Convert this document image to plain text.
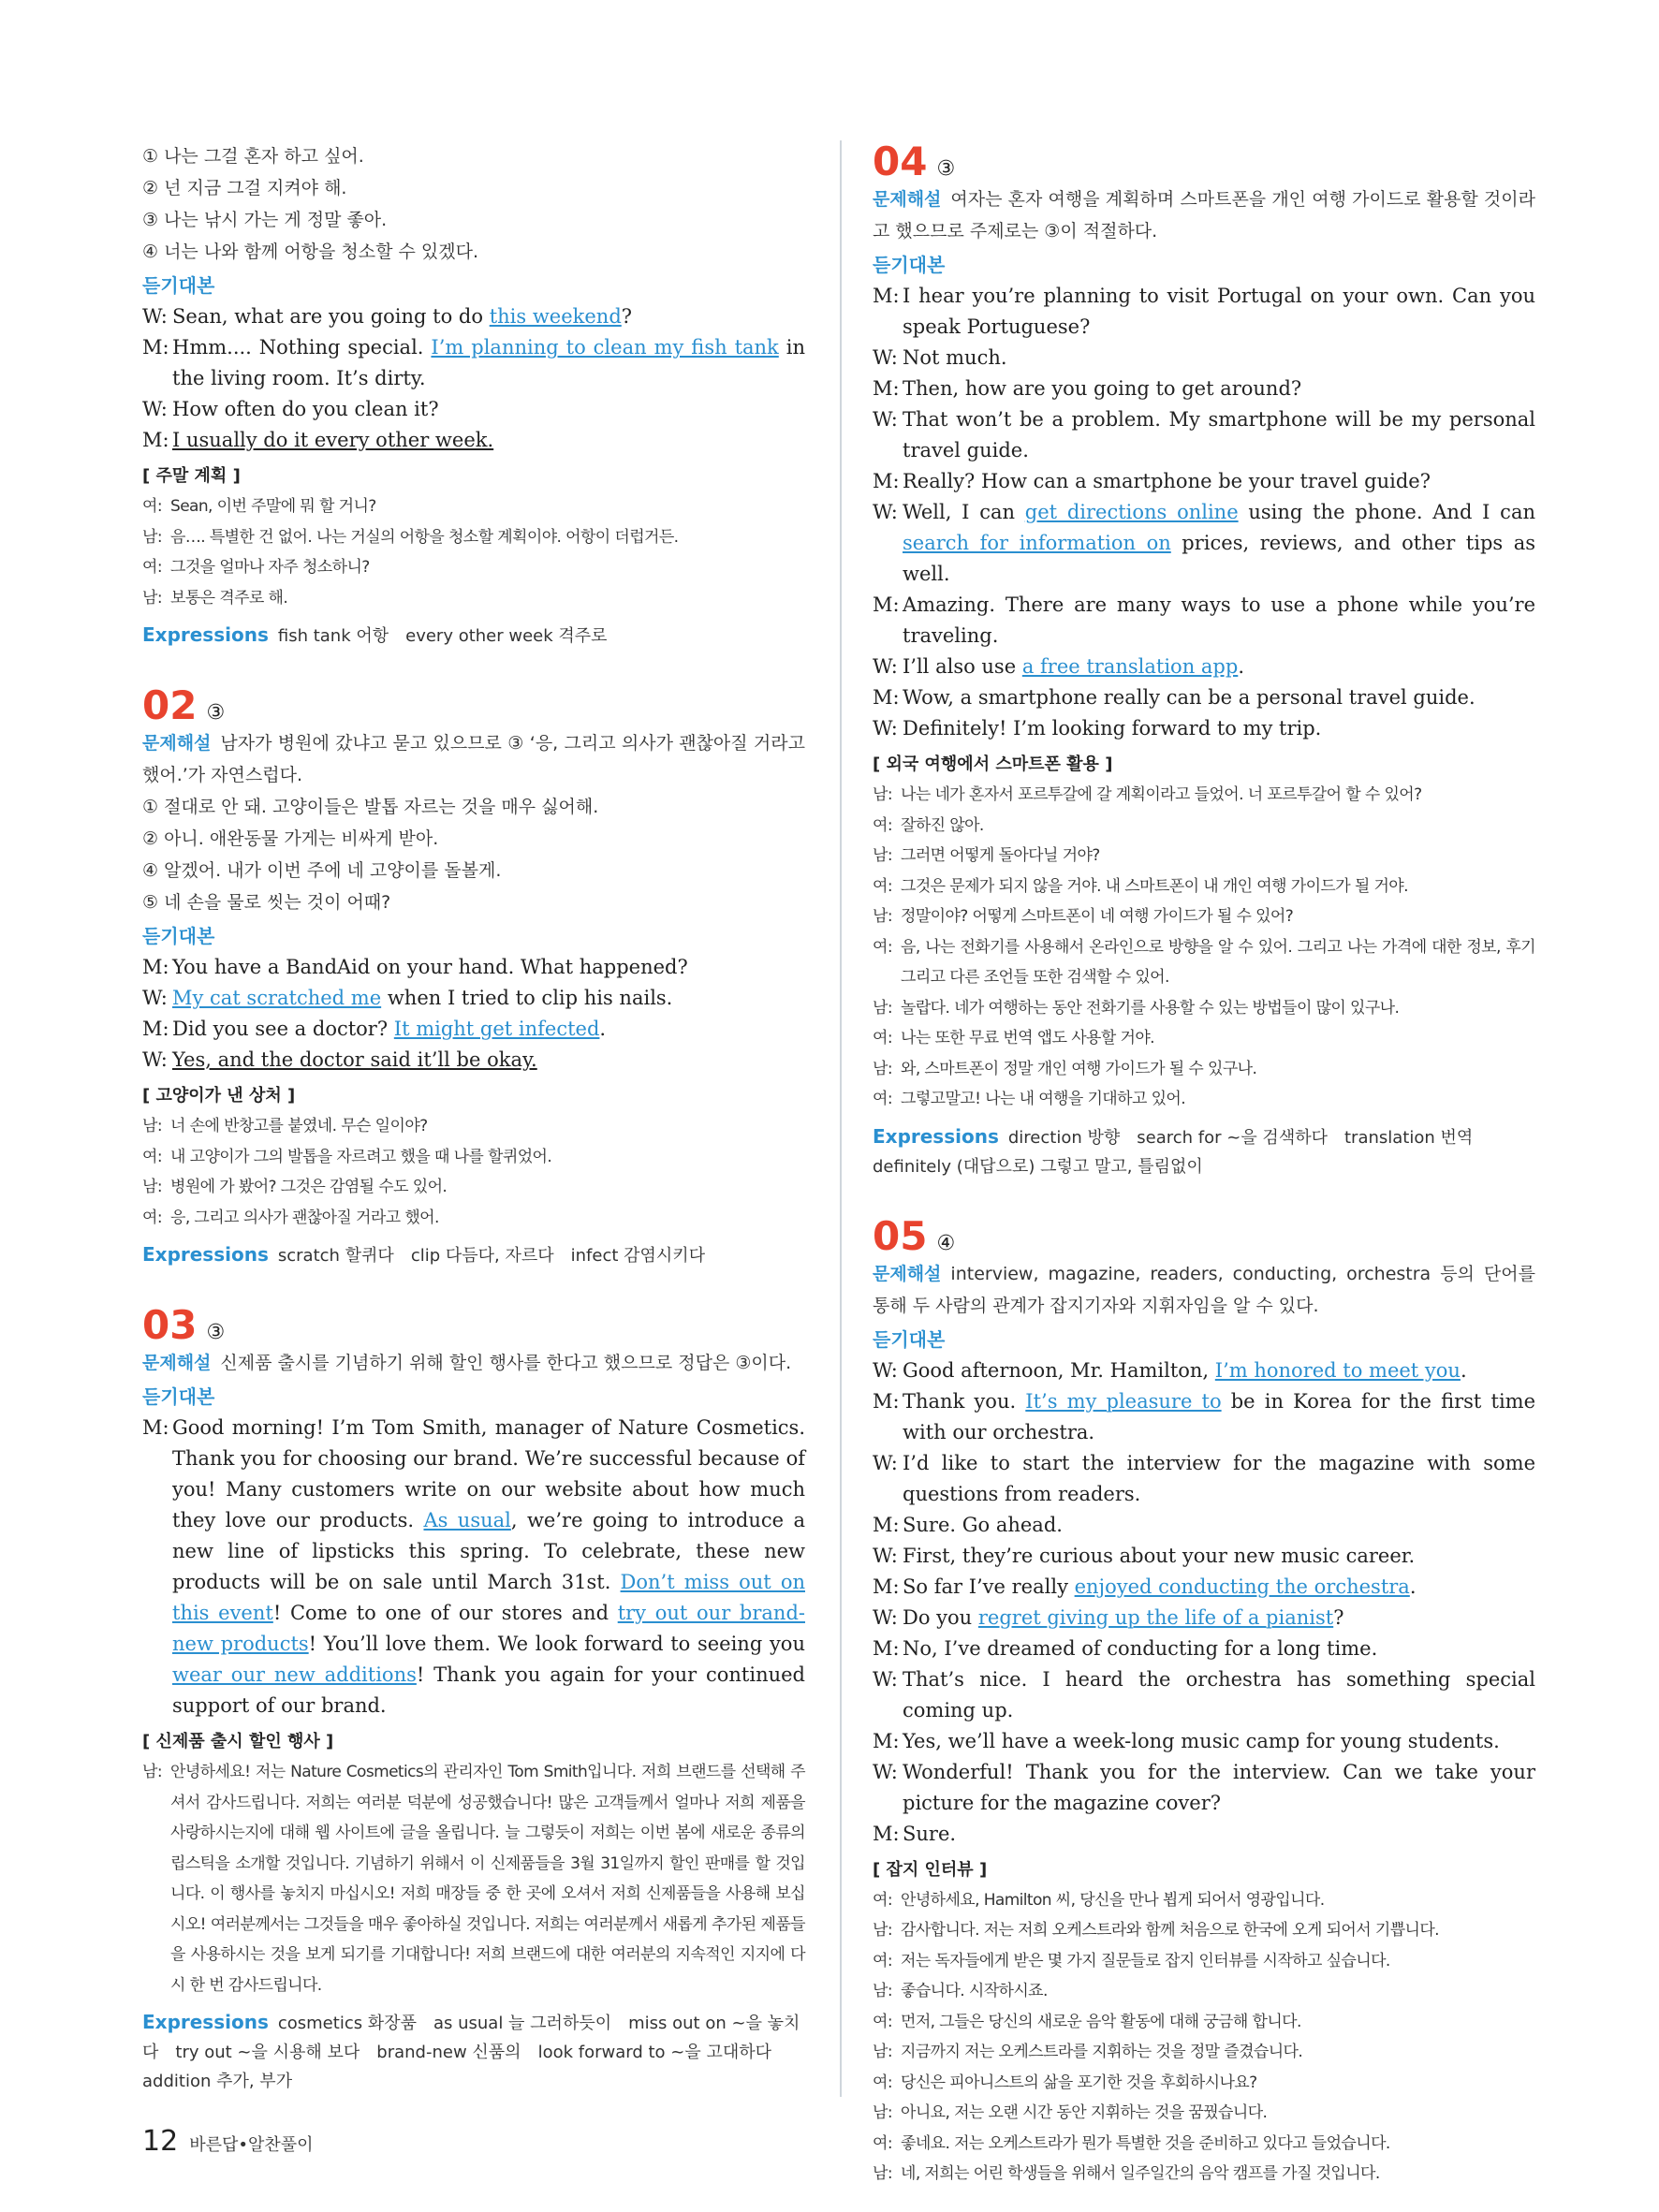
① 나는 그걸 혼자 하고 싶어.
② 넌 지금 그걸 지켜야 해.
③ 나는 낚시 가는 게 정말 좋아.
④ 너는 나와 함께 어항을 청소할 수 있겠다.
듣기대본
W: Sean, what are you going to do this weekend?
M: Hmm.... Nothing special. I’m planning to clean my fish tank in the living room. It’s dirty.
W: How often do you clean it?
M: I usually do it every other week.
[ 주말 계획 ]
여: Sean, 이번 주말에 뭐 할 거니?
남: 음…. 특별한 건 없어. 나는 거실의 어항을 청소할 계획이야. 어항이 더럽거든.
여: 그것을 얼마나 자주 청소하니?
남: 보통은 격주로 해.
Expressions fish tank 어항 every other week 격주로
02 ③
문제해설 남자가 병원에 갔냐고 묻고 있으므로 ③ ‘응, 그리고 의사가 괜찮아질 거라고 했어.’가 자연스럽다.
① 절대로 안 돼. 고양이들은 발톱 자르는 것을 매우 싫어해.
② 아니. 애완동물 가게는 비싸게 받아.
④ 알겠어. 내가 이번 주에 네 고양이를 돌볼게.
⑤ 네 손을 물로 씻는 것이 어때?
듣기대본
M: You have a BandAid on your hand. What happened?
W: My cat scratched me when I tried to clip his nails.
M: Did you see a doctor? It might get infected.
W: Yes, and the doctor said it’ll be okay.
[ 고양이가 낸 상처 ]
남: 너 손에 반창고를 붙였네. 무슨 일이야?
여: 내 고양이가 그의 발톱을 자르려고 했을 때 나를 할퀴었어.
남: 병원에 가 봤어? 그것은 감염될 수도 있어.
여: 응, 그리고 의사가 괜찮아질 거라고 했어.
Expressions scratch 할퀴다 clip 다듬다, 자르다 infect 감염시키다
03 ③
문제해설 신제품 출시를 기념하기 위해 할인 행사를 한다고 했으므로 정답은 ③이다.
듣기대본
M: Good morning! I’m Tom Smith, manager of Nature Cosmetics. Thank you for choosing our brand. We’re successful because of you! Many customers write on our website about how much they love our products. As usual, we’re going to introduce a new line of lipsticks this spring. To celebrate, these new products will be on sale until March 31st. Don’t miss out on this event! Come to one of our stores and try out our brand-new products! You’ll love them. We look forward to seeing you wear our new additions! Thank you again for your continued support of our brand.
[ 신제품 출시 할인 행사 ]
남: 안녕하세요! 저는 Nature Cosmetics의 관리자인 Tom Smith입니다. 저희 브랜드를 선택해 주셔서 감사드립니다. 저희는 여러분 덕분에 성공했습니다! 많은 고객들께서 얼마나 저희 제품을 사랑하시는지에 대해 웹 사이트에 글을 올립니다. 늘 그렇듯이 저희는 이번 봄에 새로운 종류의 립스틱을 소개할 것입니다. 기념하기 위해서 이 신제품들을 3월 31일까지 할인 판매를 할 것입니다. 이 행사를 놓치지 마십시오! 저희 매장들 중 한 곳에 오셔서 저희 신제품들을 사용해 보십시오! 여러분께서는 그것들을 매우 좋아하실 것입니다. 저희는 여러분께서 새롭게 추가된 제품들을 사용하시는 것을 보게 되기를 기대합니다! 저희 브랜드에 대한 여러분의 지속적인 지지에 다시 한 번 감사드립니다.
Expressions cosmetics 화장품 as usual 늘 그러하듯이 miss out on ~을 놓치다 try out ~을 시용해 보다 brand-new 신품의 look forward to ~을 고대하다addition 추가, 부가
04 ③
문제해설 여자는 혼자 여행을 계획하며 스마트폰을 개인 여행 가이드로 활용할 것이라고 했으므로 주제로는 ③이 적절하다.
듣기대본
M: I hear you’re planning to visit Portugal on your own. Can you speak Portuguese?
W: Not much.
M: Then, how are you going to get around?
W: That won’t be a problem. My smartphone will be my personal travel guide.
M: Really? How can a smartphone be your travel guide?
W: Well, I can get directions online using the phone. And I can search for information on prices, reviews, and other tips as well.
M: Amazing. There are many ways to use a phone while you’re traveling.
W: I’ll also use a free translation app.
M: Wow, a smartphone really can be a personal travel guide.
W: Definitely! I’m looking forward to my trip.
[ 외국 여행에서 스마트폰 활용 ]
남: 나는 네가 혼자서 포르투갈에 갈 계획이라고 들었어. 너 포르투갈어 할 수 있어?
여: 잘하진 않아.
남: 그러면 어떻게 돌아다닐 거야?
여: 그것은 문제가 되지 않을 거야. 내 스마트폰이 내 개인 여행 가이드가 될 거야.
남: 정말이야? 어떻게 스마트폰이 네 여행 가이드가 될 수 있어?
여: 음, 나는 전화기를 사용해서 온라인으로 방향을 알 수 있어. 그리고 나는 가격에 대한 정보, 후기 그리고 다른 조언들 또한 검색할 수 있어.
남: 놀랍다. 네가 여행하는 동안 전화기를 사용할 수 있는 방법들이 많이 있구나.
여: 나는 또한 무료 번역 앱도 사용할 거야.
남: 와, 스마트폰이 정말 개인 여행 가이드가 될 수 있구나.
여: 그렇고말고! 나는 내 여행을 기대하고 있어.
Expressions direction 방향 search for ~을 검색하다 translation 번역definitely (대답으로) 그렇고 말고, 틀림없이
05 ④
문제해설 interview, magazine, readers, conducting, orchestra 등의 단어를 통해 두 사람의 관계가 잡지기자와 지휘자임을 알 수 있다.
듣기대본
W: Good afternoon, Mr. Hamilton, I’m honored to meet you.
M: Thank you. It’s my pleasure to be in Korea for the first time with our orchestra.
W: I’d like to start the interview for the magazine with some questions from readers.
M: Sure. Go ahead.
W: First, they’re curious about your new music career.
M: So far I’ve really enjoyed conducting the orchestra.
W: Do you regret giving up the life of a pianist?
M: No, I’ve dreamed of conducting for a long time.
W: That’s nice. I heard the orchestra has something special coming up.
M: Yes, we’ll have a week-long music camp for young students.
W: Wonderful! Thank you for the interview. Can we take your picture for the magazine cover?
M: Sure.
[ 잡지 인터뷰 ]
여: 안녕하세요, Hamilton 씨, 당신을 만나 뵙게 되어서 영광입니다.
남: 감사합니다. 저는 저희 오케스트라와 함께 처음으로 한국에 오게 되어서 기쁩니다.
여: 저는 독자들에게 받은 몇 가지 질문들로 잡지 인터뷰를 시작하고 싶습니다.
남: 좋습니다. 시작하시죠.
여: 먼저, 그들은 당신의 새로운 음악 활동에 대해 궁금해 합니다.
남: 지금까지 저는 오케스트라를 지휘하는 것을 정말 즐겼습니다.
여: 당신은 피아니스트의 삶을 포기한 것을 후회하시나요?
남: 아니요, 저는 오랜 시간 동안 지휘하는 것을 꿈꿨습니다.
여: 좋네요. 저는 오케스트라가 뭔가 특별한 것을 준비하고 있다고 들었습니다.
남: 네, 저희는 어린 학생들을 위해서 일주일간의 음악 캠프를 가질 것입니다.
12 바른답•알찬풀이
